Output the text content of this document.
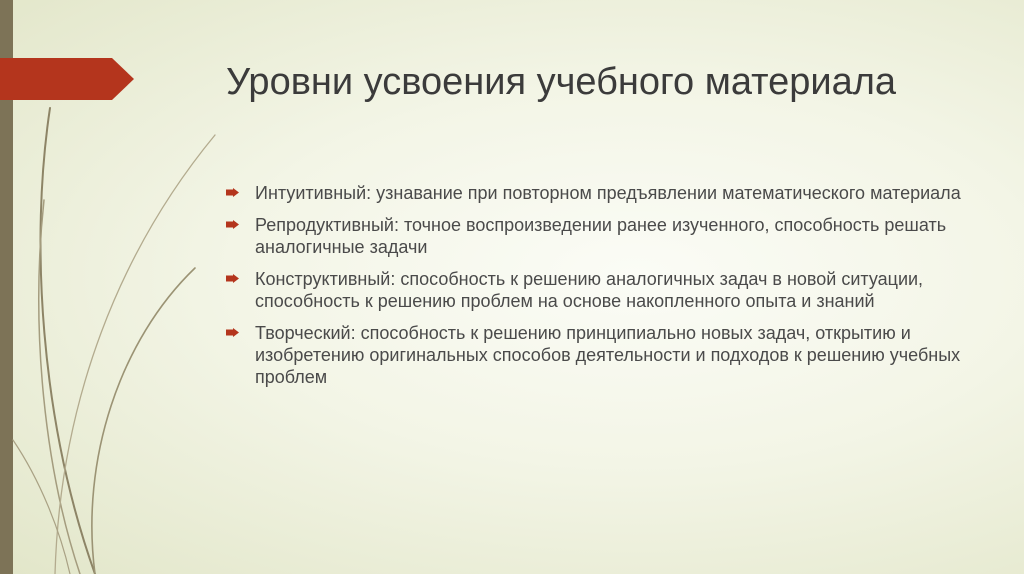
Уровни усвоения учебного материала
Интуитивный: узнавание при повторном предъявлении математического материала
Репродуктивный: точное воспроизведении ранее изученного, способность решать аналогичные задачи
Конструктивный: способность к решению аналогичных задач в новой ситуации, способность к решению проблем на основе накопленного опыта и знаний
Творческий: способность к решению принципиально новых задач, открытию и изобретению оригинальных способов деятельности и подходов к решению учебных проблем
